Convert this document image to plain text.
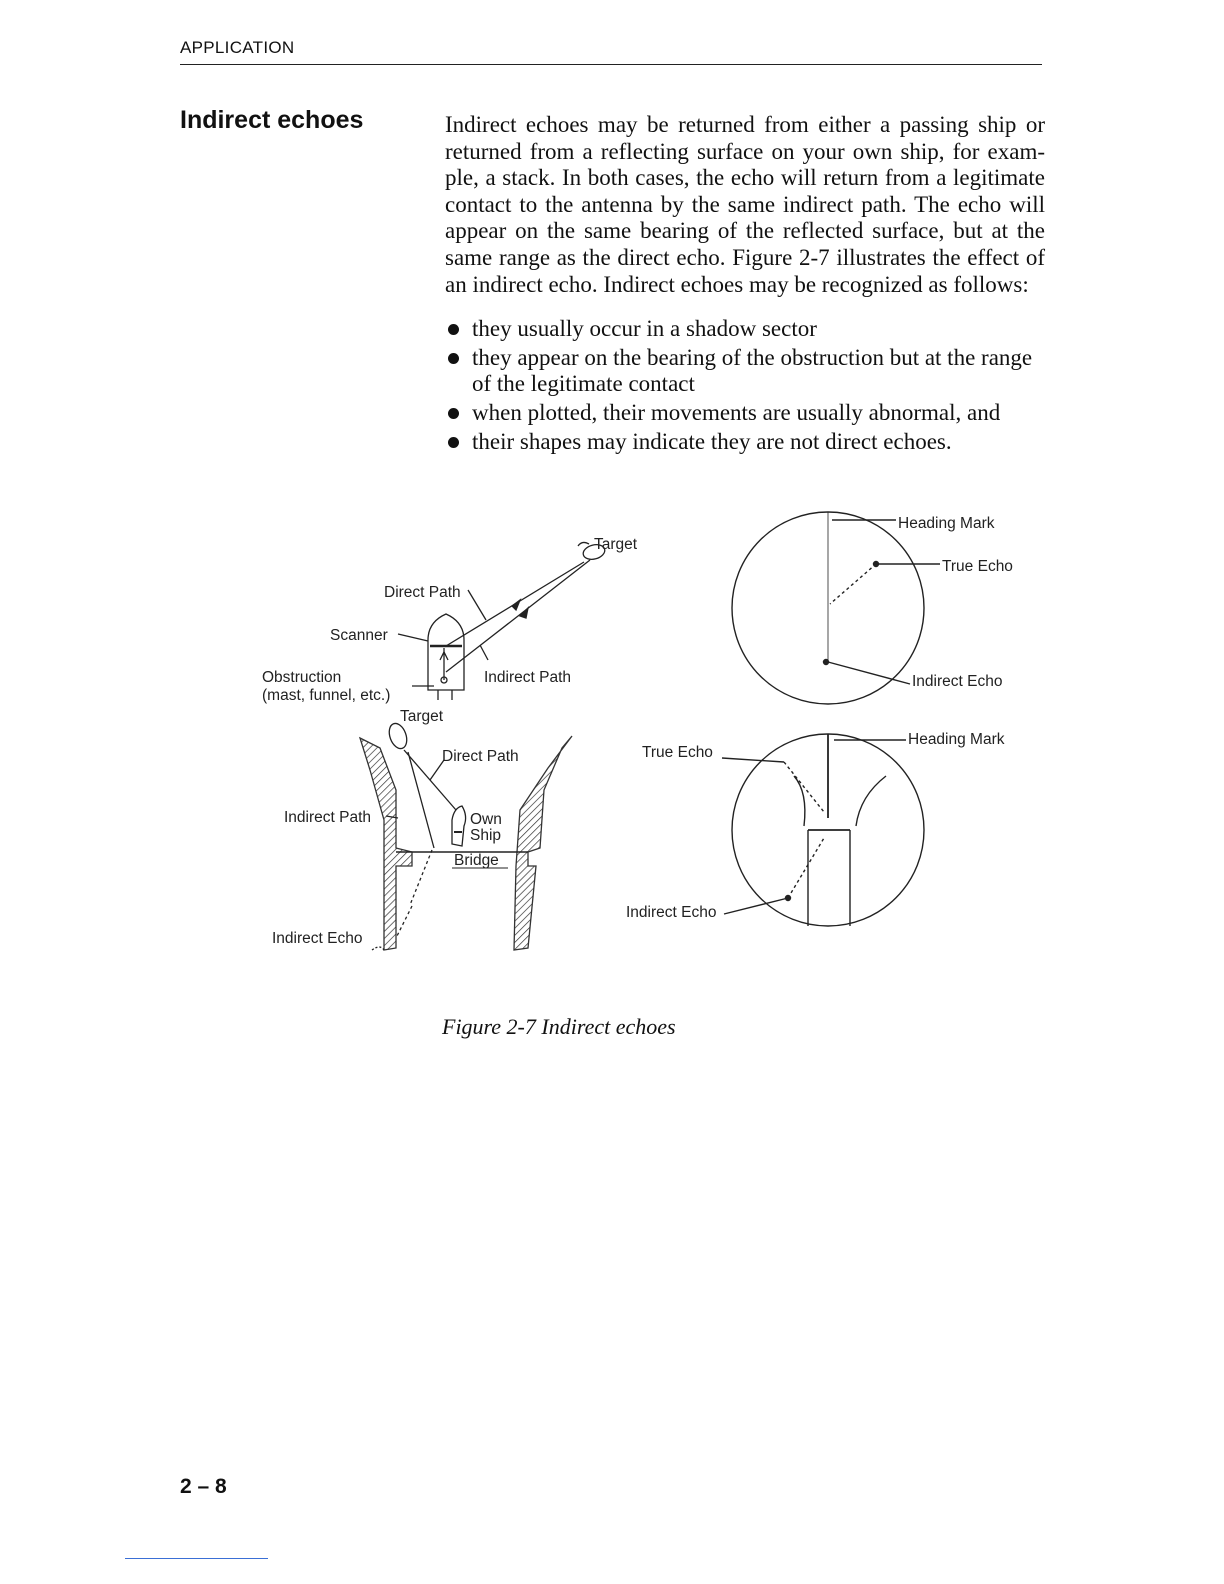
APPLICATION
Indirect echoes	Indirect echoes may be returned from either a passing ship or
returned from a reflecting surface on your own ship, for exam-
ple, a stack. In both cases, the echo will return from a legitimate
contact to the antenna by the same indirect path. The echo will
appear on the same bearing of the reflected surface, but at the
same range as the direct echo. Figure 2-7 illustrates the effect of
an indirect echo. Indirect echoes may be recognized as follows:

they usually occur in a shadow sector
they appear on the bearing of the obstruction but at the range
of the legitimate contact
when plotted, their movements are usually abnormal, and
their shapes may indicate they are not direct echoes.
Target
Direct Path
Scanner
Obstruction
(mast, funnel, etc.)
Indirect Path
Target
Direct Path
Own
Ship
Bridge
Indirect Path
Indirect Echo
Heading Mark
True Echo
Indirect Echo
Heading Mark
True Echo
Indirect Echo
Figure 2-7 Indirect echoes
2 – 8
